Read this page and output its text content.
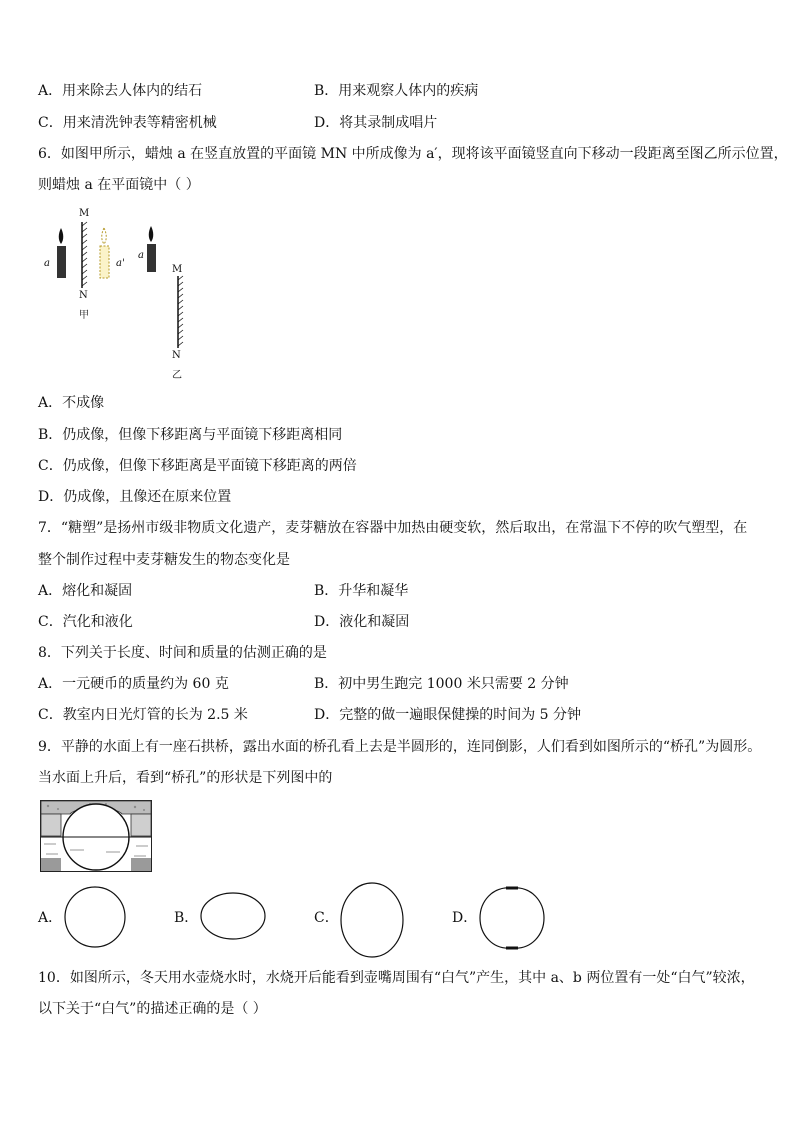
A．用来除去人体内的结石	B．用来观察人体内的疾病
C．用来清洗钟表等精密机械	D．将其录制成唱片
6．如图甲所示，蜡烛 a 在竖直放置的平面镜 MN 中所成像为 a′，现将该平面镜竖直向下移动一段距离至图乙所示位置，
则蜡烛 a 在平面镜中（ ）
M
N
a	a'
甲
a
M
N
乙
A．不成像
B．仍成像，但像下移距离与平面镜下移距离相同
C．仍成像，但像下移距离是平面镜下移距离的两倍
D．仍成像，且像还在原来位置
7．“糖塑”是扬州市级非物质文化遗产，麦芽糖放在容器中加热由硬变软，然后取出，在常温下不停的吹气塑型，在
整个制作过程中麦芽糖发生的物态变化是
A．熔化和凝固	B．升华和凝华
C．汽化和液化	D．液化和凝固
8．下列关于长度、时间和质量的估测正确的是
A．一元硬币的质量约为 60 克	B．初中男生跑完 1000 米只需要 2 分钟
C．教室内日光灯管的长为 2.5 米	D．完整的做一遍眼保健操的时间为 5 分钟
9．平静的水面上有一座石拱桥，露出水面的桥孔看上去是半圆形的，连同倒影，人们看到如图所示的“桥孔”为圆形。
当水面上升后，看到“桥孔”的形状是下列图中的
A．	B．	C．	D．
10．如图所示，冬天用水壶烧水时，水烧开后能看到壶嘴周围有“白气”产生，其中 a、b 两位置有一处“白气”较浓，
以下关于“白气”的描述正确的是（ ）
